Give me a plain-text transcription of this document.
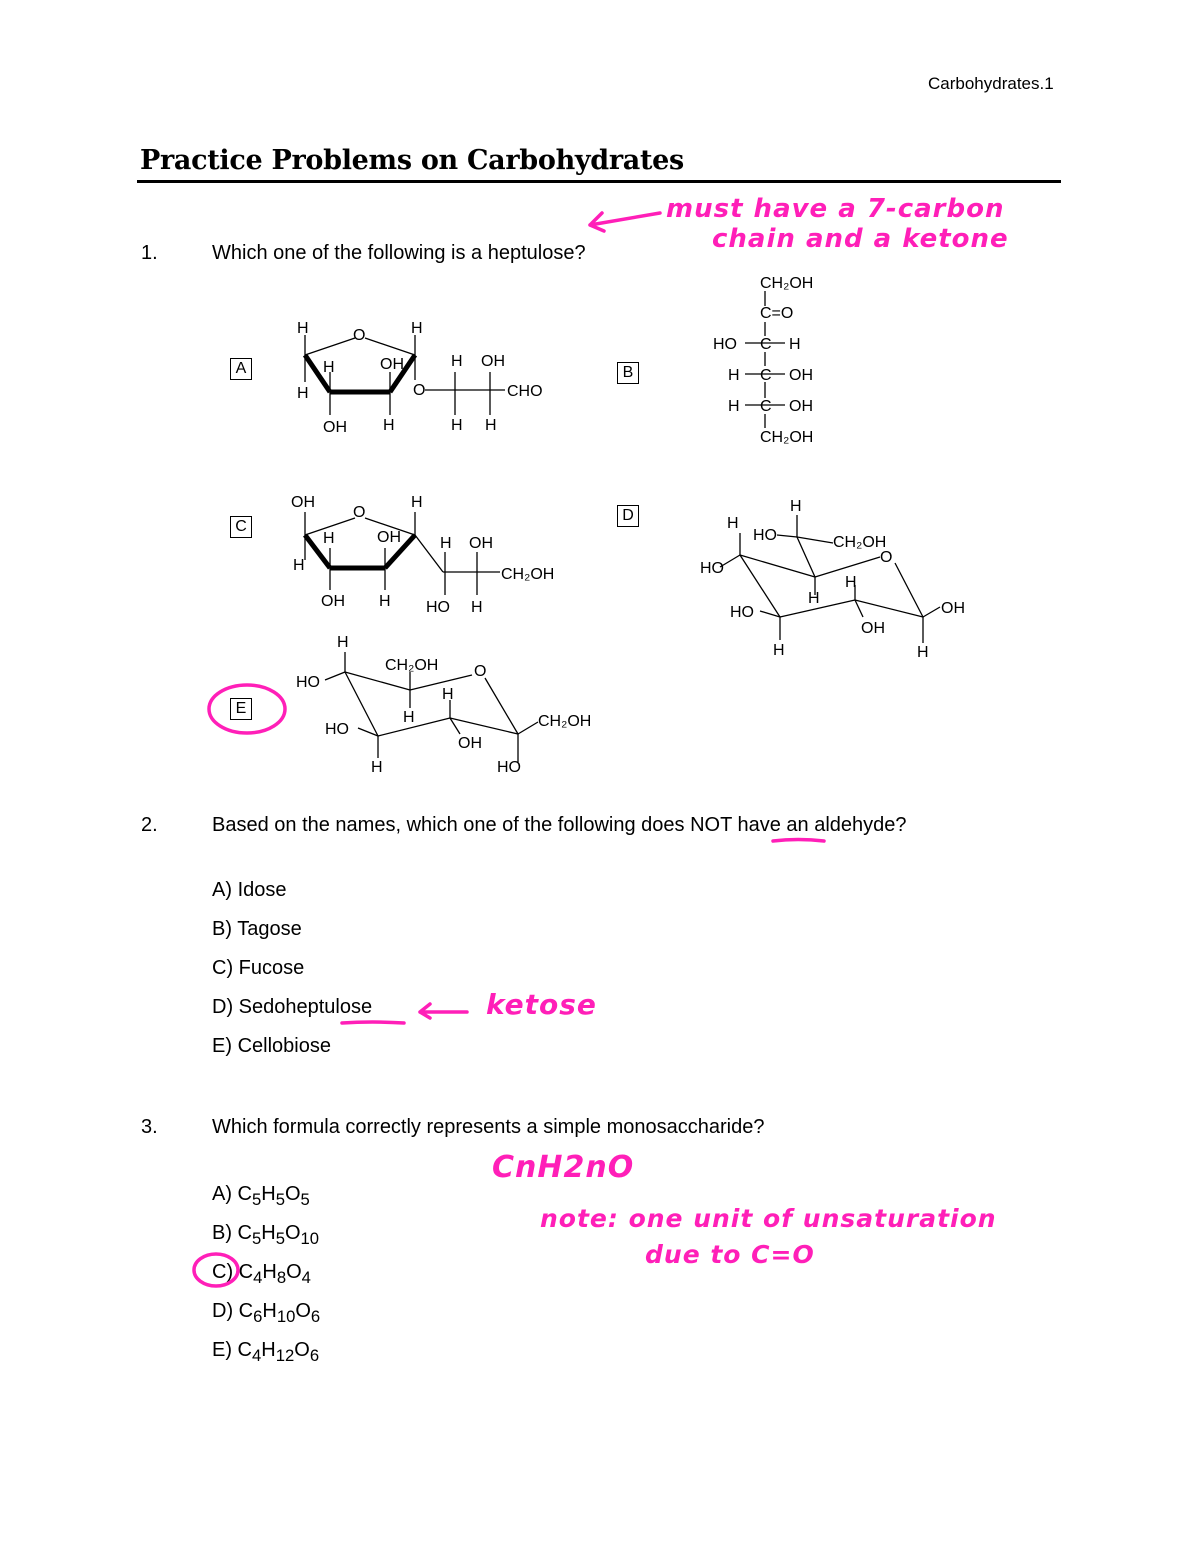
Carbohydrates.1
Practice Problems on Carbohydrates
1.	Which one of the following is a heptulose?
must have a 7-carbon
chain and a ketone
A	B
C
D
E
O
H	H
H	OH
H	O
OH H
H OH
CHO
H H
CH₂OH
C=O
HO C H
H C OH
H C OH
CH₂OH
O
OH	H
H	OH
H
OH H
H OH
CH₂OH
HO H
H
H
HO	CH₂OH
O
HO
H
H
HO	OH
OH
H	H
H
CH₂OH O
HO
H
H	CH₂OH
HO
OH
H	HO
2.	Based on the names, which one of the following does NOT have an aldehyde?
A) Idose
B) Tagose
C) Fucose
D) Sedoheptulose
E) Cellobiose
ketose
3.	Which formula correctly represents a simple monosaccharide?
A) $C_5H_5O_5$
B) $C_5H_5O_{10}$
C) $C_4H_8O_4$
D) $C_6H_{10}O_6$
E) $C_4H_{12}O_6$
CnH2nO
note: one unit of unsaturation
due to C=O
